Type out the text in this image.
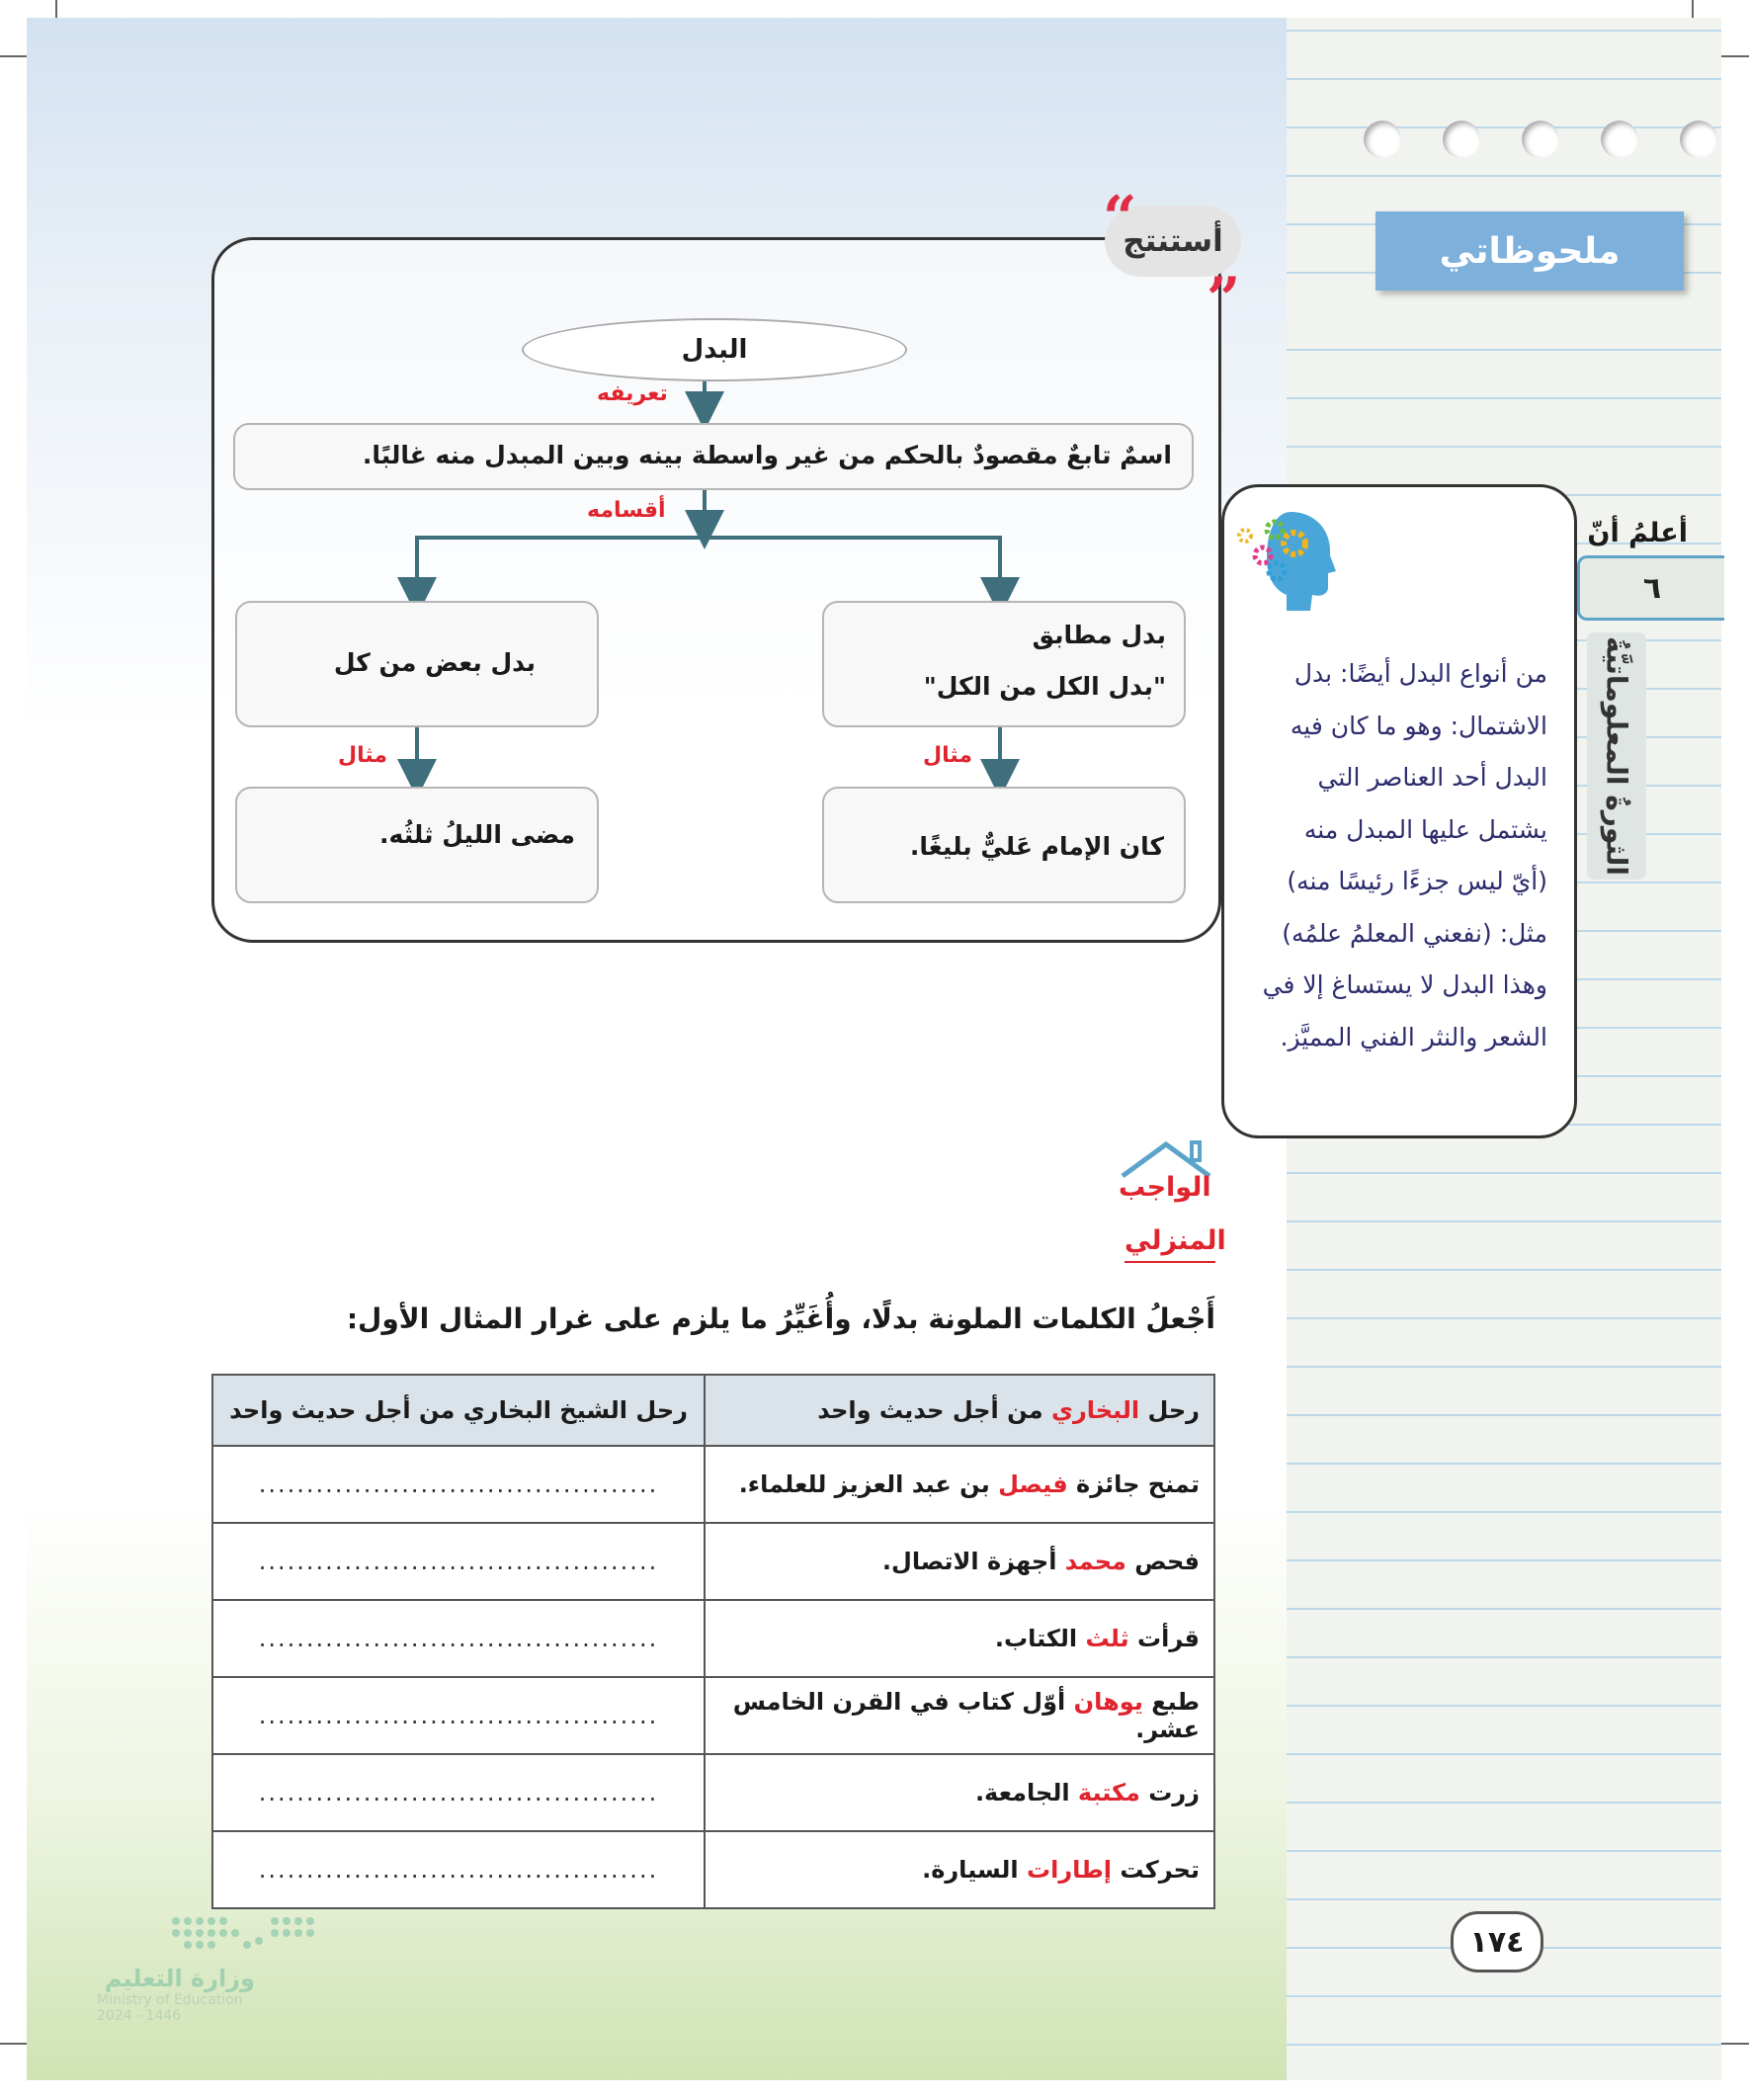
ملحوظاتي
٦
الثورةُ المعلوماتيَّةُ
أعلمُ أنّ
من أنواع البدل أيضًا: بدل
الاشتمال: وهو ما كان فيه
البدل أحد العناصر التي
يشتمل عليها المبدل منه
(أيّ ليس جزءًا رئيسًا منه)
مثل: (نفعني المعلمُ علمُه)
وهذا البدل لا يستساغ إلا في
الشعر والنثر الفني المميَّز.
أستنتج
“
„
البدل
تعريفه
اسمٌ تابعٌ مقصودٌ بالحكم من غير واسطة بينه وبين المبدل منه غالبًا.
أقسامه
بدل مطابق
"بدل الكل من الكل"
بدل بعض من كل
مثال
مثال
كان الإمام عَليٌّ بليغًا.
مضى الليلُ ثلثُه.
الواجب
المنزلي
أَجْعلُ الكلمات الملونة بدلًا، وأُغَيِّرُ ما يلزم على غرار المثال الأول:
رحل البخاري من أجل حديث واحد	رحل الشيخ البخاري من أجل حديث واحد
تمنح جائزة فيصل بن عبد العزيز للعلماء.	..........................................
فحص محمد أجهزة الاتصال.	..........................................
قرأت ثلث الكتاب.	..........................................
طبع يوهان أوّل كتاب في القرن الخامس عشر.	..........................................
زرت مكتبة الجامعة.	..........................................
تحركت إطارات السيارة.	..........................................
١٧٤
وزارة التعليم
Ministry of Education
2024 - 1446
